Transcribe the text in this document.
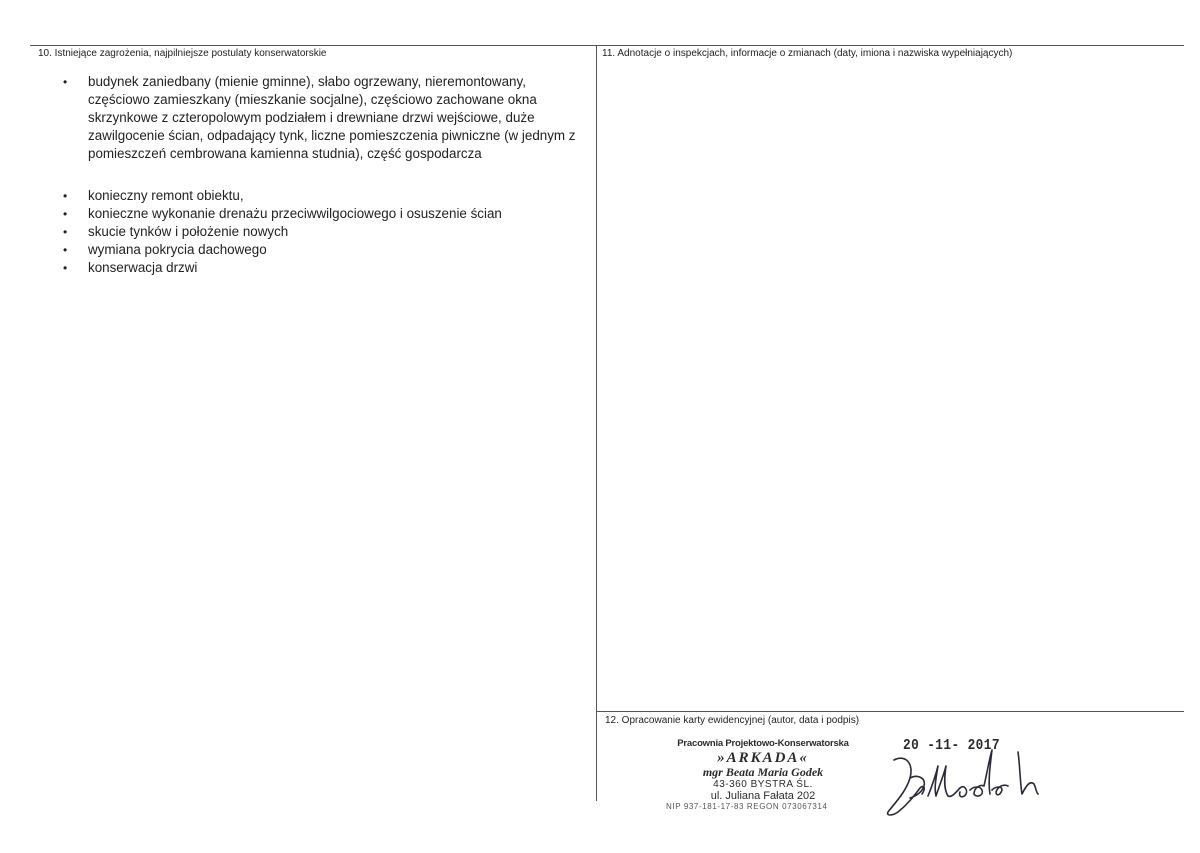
10. Istniejące zagrożenia, najpilniejsze postulaty konserwatorskie
• budynek zaniedbany (mienie gminne), słabo ogrzewany, nieremontowany, częściowo zamieszkany (mieszkanie socjalne), częściowo zachowane okna skrzynkowe z czteropolowym podziałem i drewniane drzwi wejściowe, duże zawilgocenie ścian, odpadający tynk, liczne pomieszczenia piwniczne (w jednym z pomieszczeń cembrowana kamienna studnia), część gospodarcza
• konieczny remont obiektu,
• konieczne wykonanie drenażu przeciwwilgociowego i osuszenie ścian
• skucie tynków i położenie nowych
• wymiana pokrycia dachowego
• konserwacja drzwi
11. Adnotacje o inspekcjach, informacje o zmianach (daty, imiona i nazwiska wypełniających)
12. Opracowanie karty ewidencyjnej (autor, data i podpis)
Pracownia Projektowo-Konserwatorska
»ARKADA«
mgr Beata Maria Godek
43-360 BYSTRA ŚL.
ul. Juliana Fałata 202
NIP 937-181-17-83 REGON 073067314
20 -11- 2017
